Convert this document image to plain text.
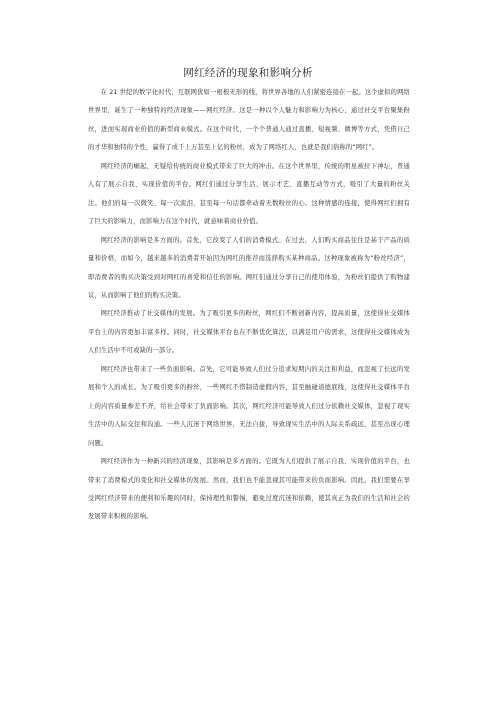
网红经济的现象和影响分析

在 21 世纪的数字化时代，互联网犹如一根根无形的线，将世界各地的人们紧密连接在一起。这个虚拟的网络世界里，诞生了一种独特的经济现象——网红经济。这是一种以个人魅力和影响力为核心，通过社交平台聚集粉丝，进而实现商业价值的新型商业模式。在这个时代，一个个普通人通过直播、短视频、微博等方式，凭借自己的才华和独特的个性，赢得了成千上万甚至上亿的粉丝，成为了网络红人，也就是我们俗称的“网红”。

网红经济的崛起，无疑给传统的商业模式带来了巨大的冲击。在这个世界里，传统的明星被拉下神坛，普通人有了展示自我、实现价值的平台。网红们通过分享生活、展示才艺、直播互动等方式，吸引了大量的粉丝关注。他们的每一次微笑、每一次流泪，甚至每一句话都牵动着无数粉丝的心。这种情感的连接，使得网红们拥有了巨大的影响力，而影响力在这个时代，就意味着商业价值。

网红经济的影响是多方面的。首先，它改变了人们的消费模式。在过去，人们购买商品往往是基于产品的质量和价格，而如今，越来越多的消费者开始因为网红的推荐而选择购买某种商品。这种现象被称为“粉丝经济”，即消费者的购买决策受到对网红的喜爱和信任的影响。网红们通过分享自己的使用体验，为粉丝们提供了购物建议，从而影响了他们的购买决策。

网红经济推动了社交媒体的发展。为了吸引更多的粉丝，网红们不断创新内容，提高质量，这使得社交媒体平台上的内容更加丰富多样。同时，社交媒体平台也在不断优化算法，以满足用户的需求，这使得社交媒体成为人们生活中不可或缺的一部分。

网红经济也带来了一些负面影响。首先，它可能导致人们过分追求短期内的关注和利益，而忽视了长远的发展和个人的成长。为了吸引更多的粉丝，一些网红不惜制造虚假内容，甚至触碰道德底线，这使得社交媒体平台上的内容质量参差不齐，给社会带来了负面影响。其次，网红经济可能导致人们过分依赖社交媒体，忽视了现实生活中的人际交往和沟通。一些人沉迷于网络世界，无法自拔，导致现实生活中的人际关系疏远，甚至出现心理问题。

网红经济作为一种新兴的经济现象，其影响是多方面的。它既为人们提供了展示自我、实现价值的平台，也带来了消费模式的变化和社交媒体的发展。然而，我们也不能忽视其可能带来的负面影响。因此，我们需要在享受网红经济带来的便利和乐趣的同时，保持理性和警惕，避免过度沉迷和依赖，使其真正为我们的生活和社会的发展带来积极的影响。
